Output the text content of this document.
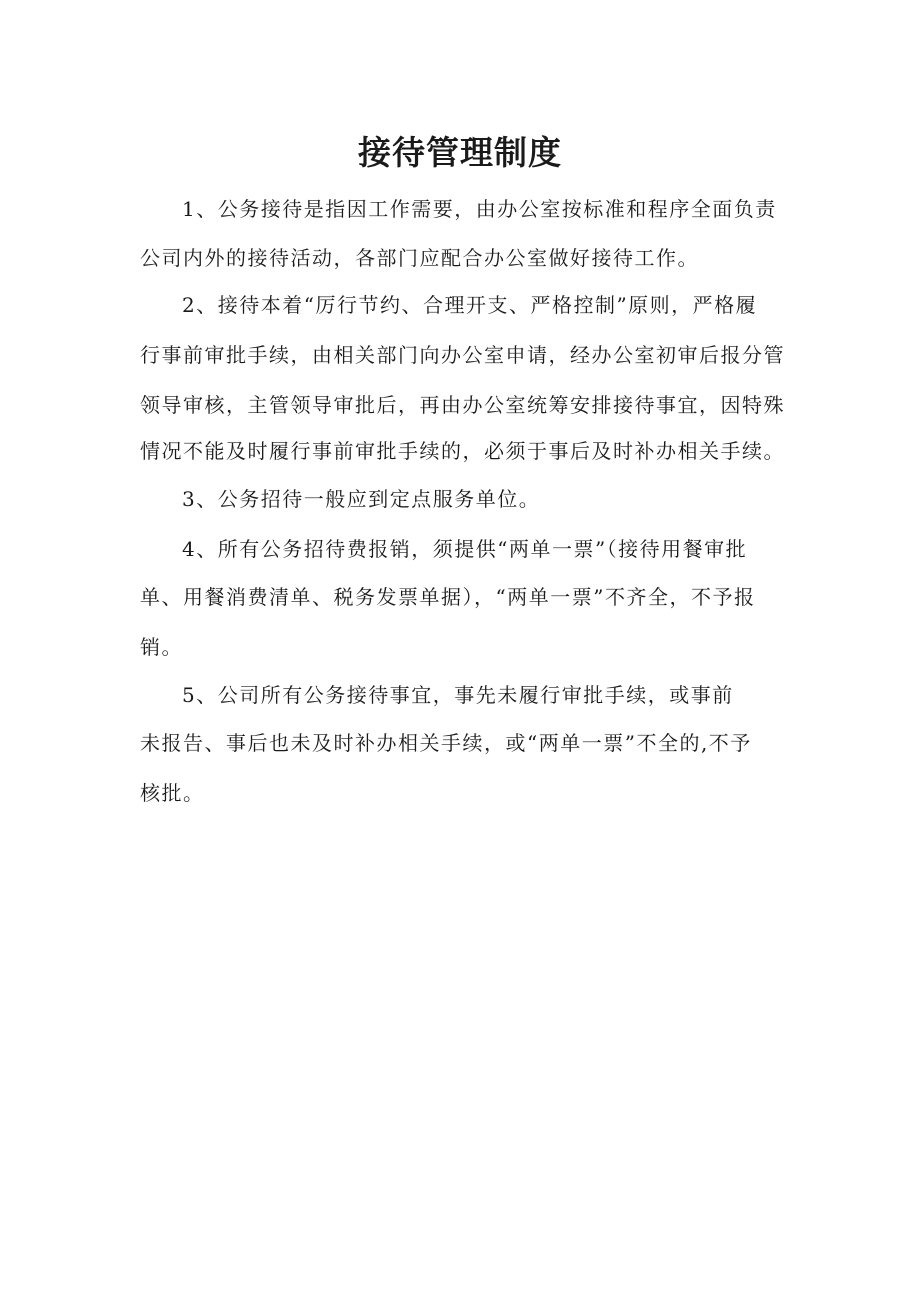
接待管理制度
1、公务接待是指因工作需要，由办公室按标准和程序全面负责
公司内外的接待活动，各部门应配合办公室做好接待工作。
2、接待本着“厉行节约、合理开支、严格控制”原则，严格履
行事前审批手续，由相关部门向办公室申请，经办公室初审后报分管
领导审核，主管领导审批后，再由办公室统筹安排接待事宜，因特殊
情况不能及时履行事前审批手续的，必须于事后及时补办相关手续。
3、公务招待一般应到定点服务单位。
4、所有公务招待费报销，须提供“两单一票”（接待用餐审批
单、用餐消费清单、税务发票单据），“两单一票”不齐全，不予报
销。
5、公司所有公务接待事宜，事先未履行审批手续，或事前
未报告、事后也未及时补办相关手续，或“两单一票”不全的,不予
核批。
